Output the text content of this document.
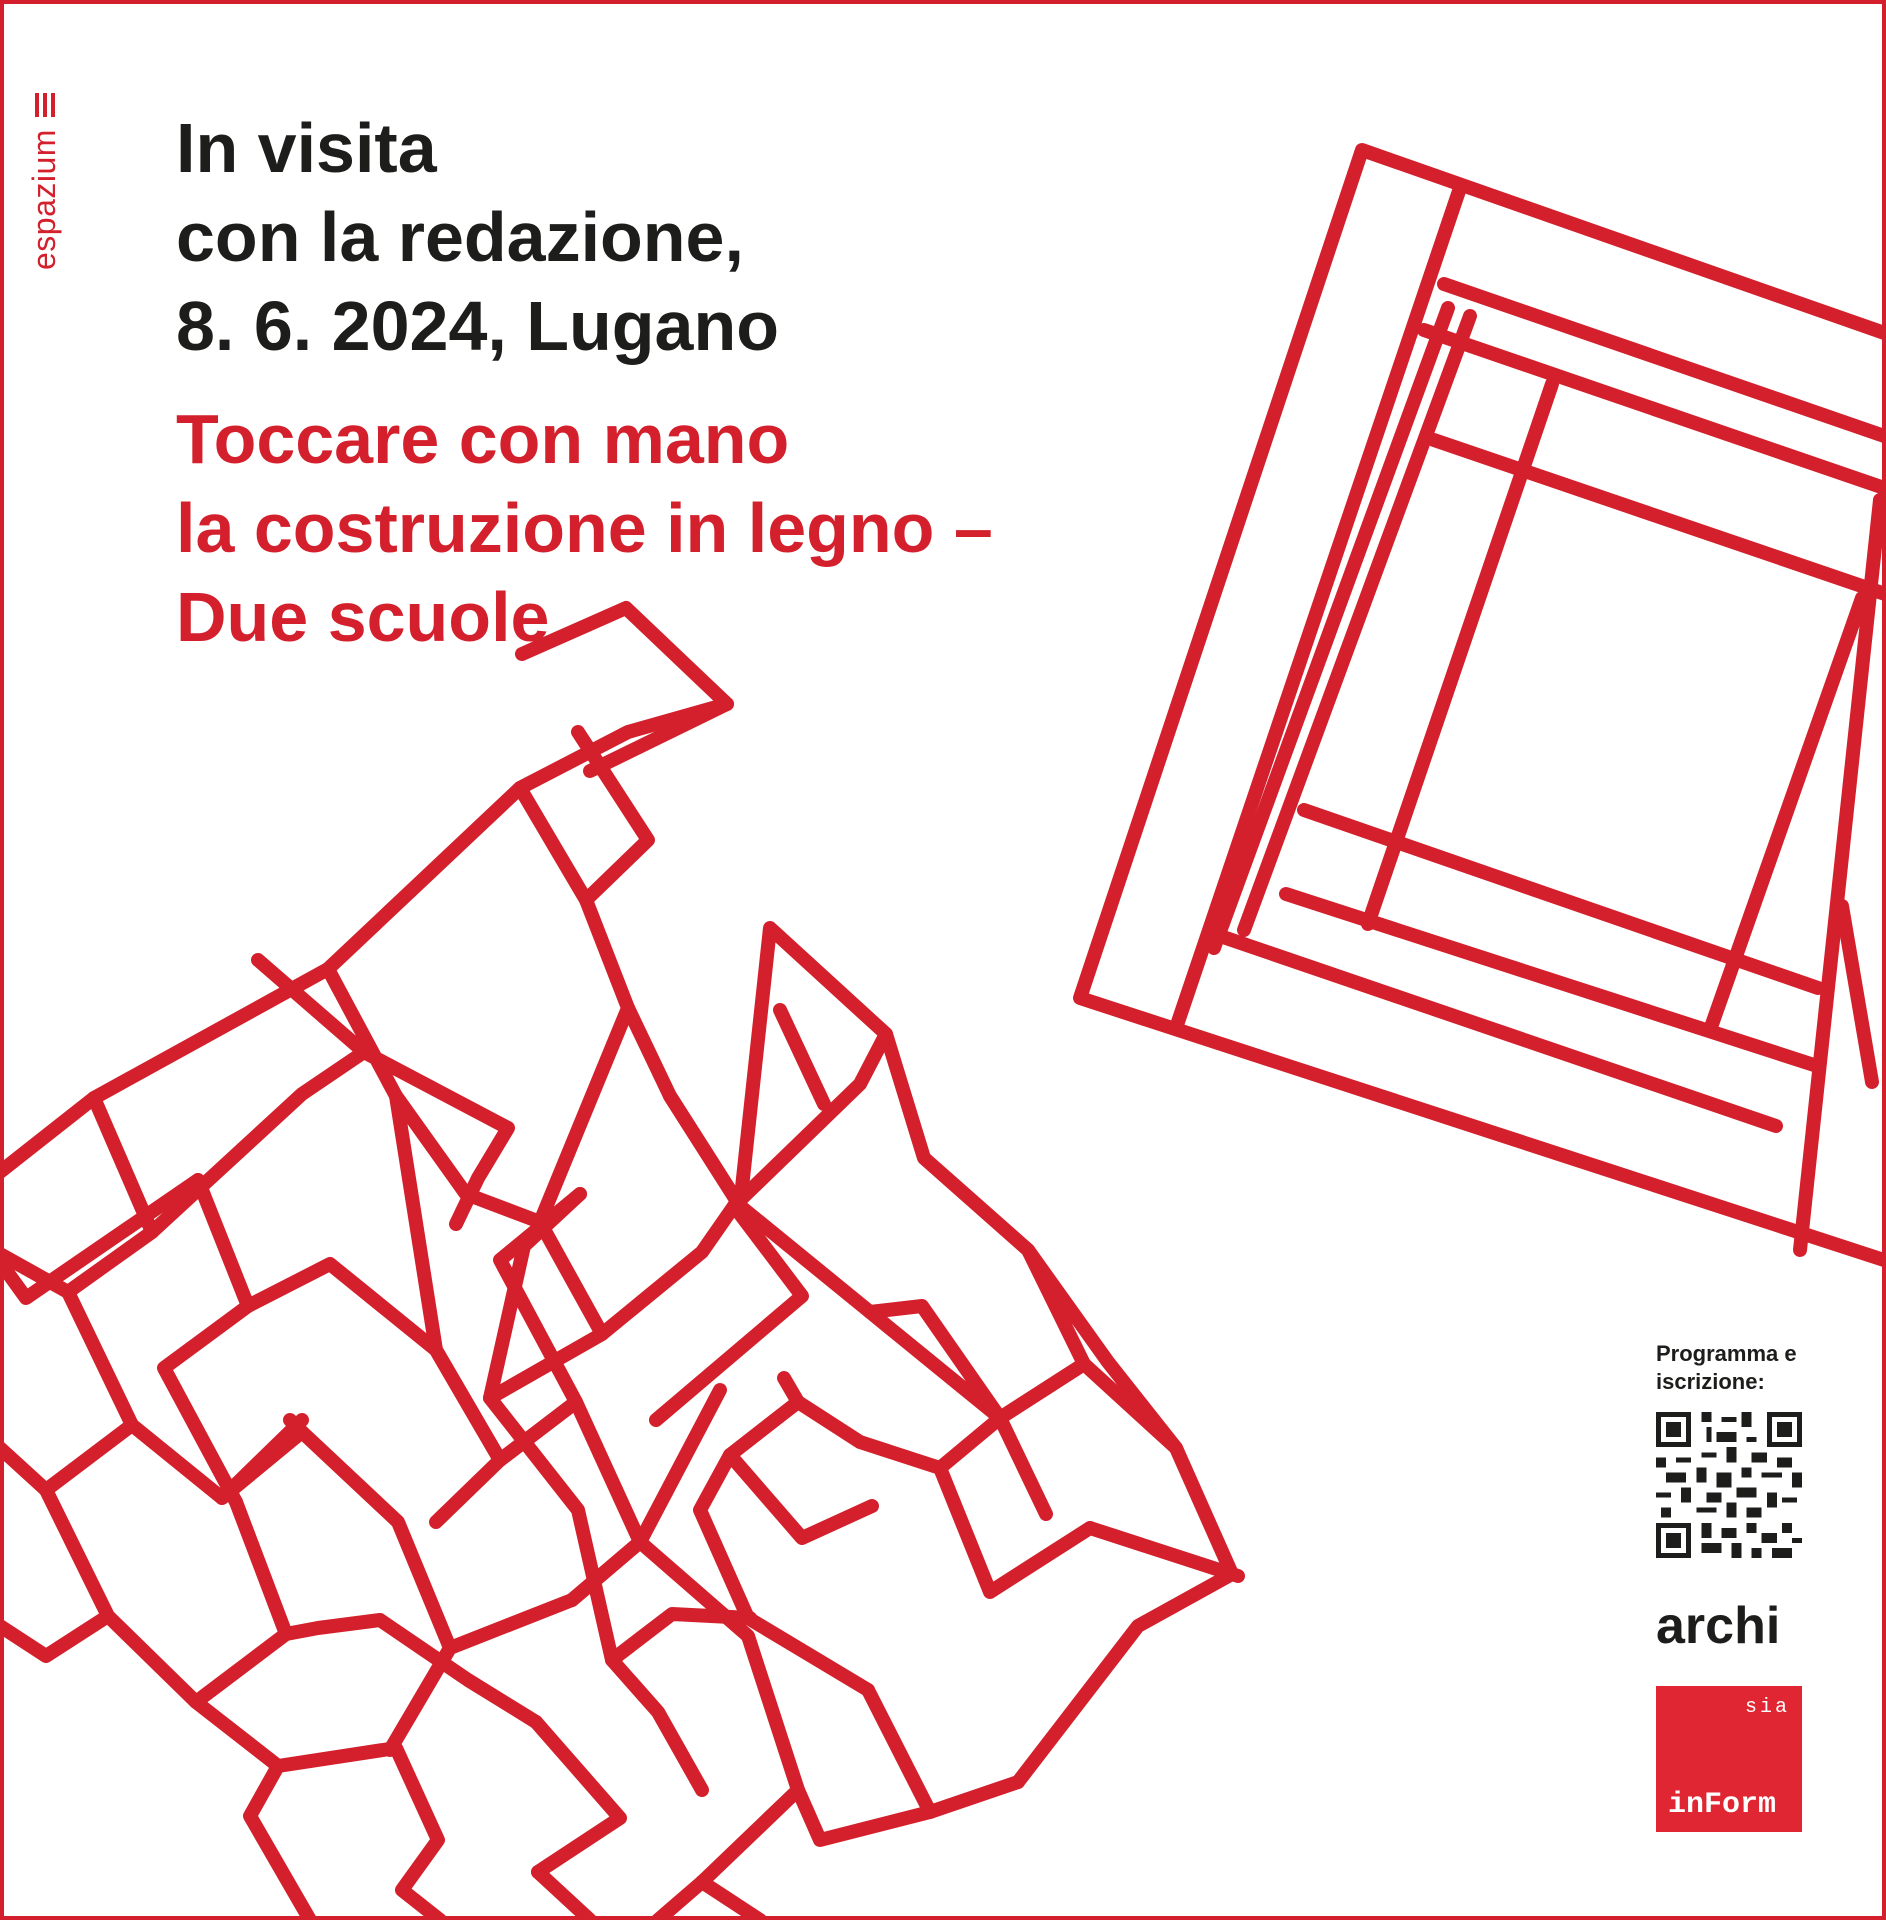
espazium In visita
con la redazione,
8. 6. 2024, Lugano
Toccare con mano
la costruzione in legno –
Due scuole

Programma e iscrizione:

archi
sia
inForm
